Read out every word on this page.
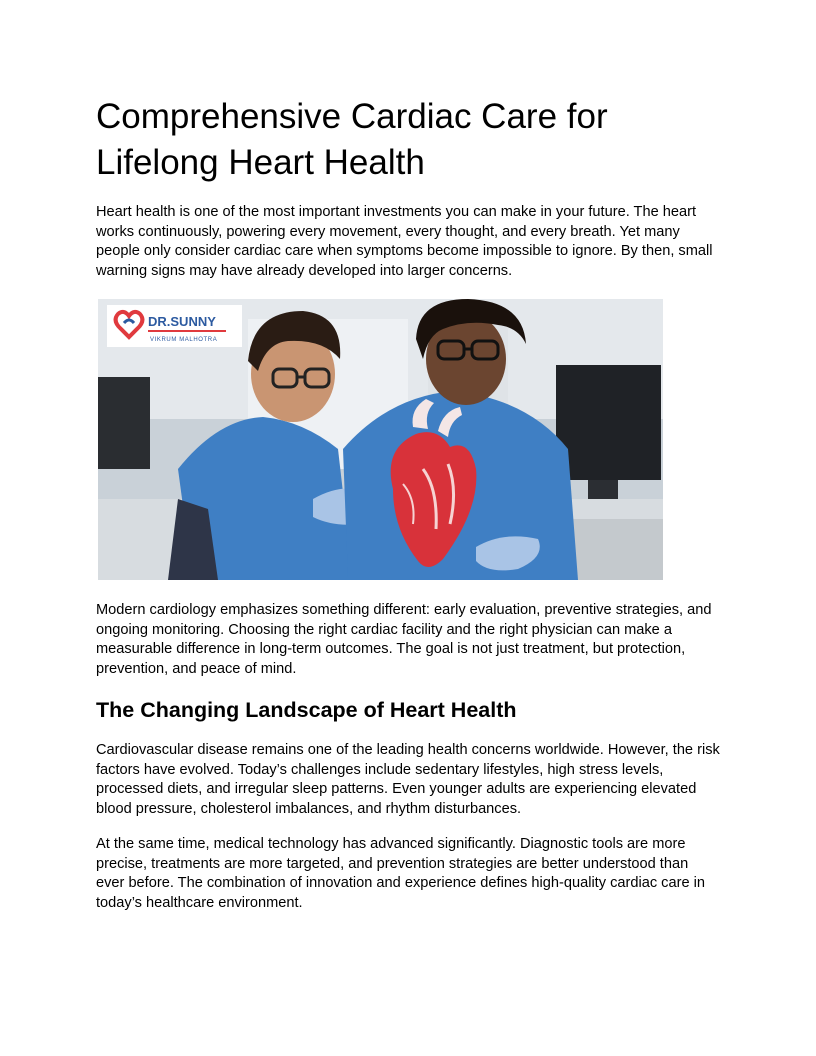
Comprehensive Cardiac Care for Lifelong Heart Health

Heart health is one of the most important investments you can make in your future. The heart works continuously, powering every movement, every thought, and every breath. Yet many people only consider cardiac care when symptoms become impossible to ignore. By then, small warning signs may have already developed into larger concerns.

DR.SUNNY
VIKRUM MALHOTRA

Modern cardiology emphasizes something different: early evaluation, preventive strategies, and ongoing monitoring. Choosing the right cardiac facility and the right physician can make a measurable difference in long-term outcomes. The goal is not just treatment, but protection, prevention, and peace of mind.

The Changing Landscape of Heart Health

Cardiovascular disease remains one of the leading health concerns worldwide. However, the risk factors have evolved. Today’s challenges include sedentary lifestyles, high stress levels, processed diets, and irregular sleep patterns. Even younger adults are experiencing elevated blood pressure, cholesterol imbalances, and rhythm disturbances.

At the same time, medical technology has advanced significantly. Diagnostic tools are more precise, treatments are more targeted, and prevention strategies are better understood than ever before. The combination of innovation and experience defines high-quality cardiac care in today’s healthcare environment.
